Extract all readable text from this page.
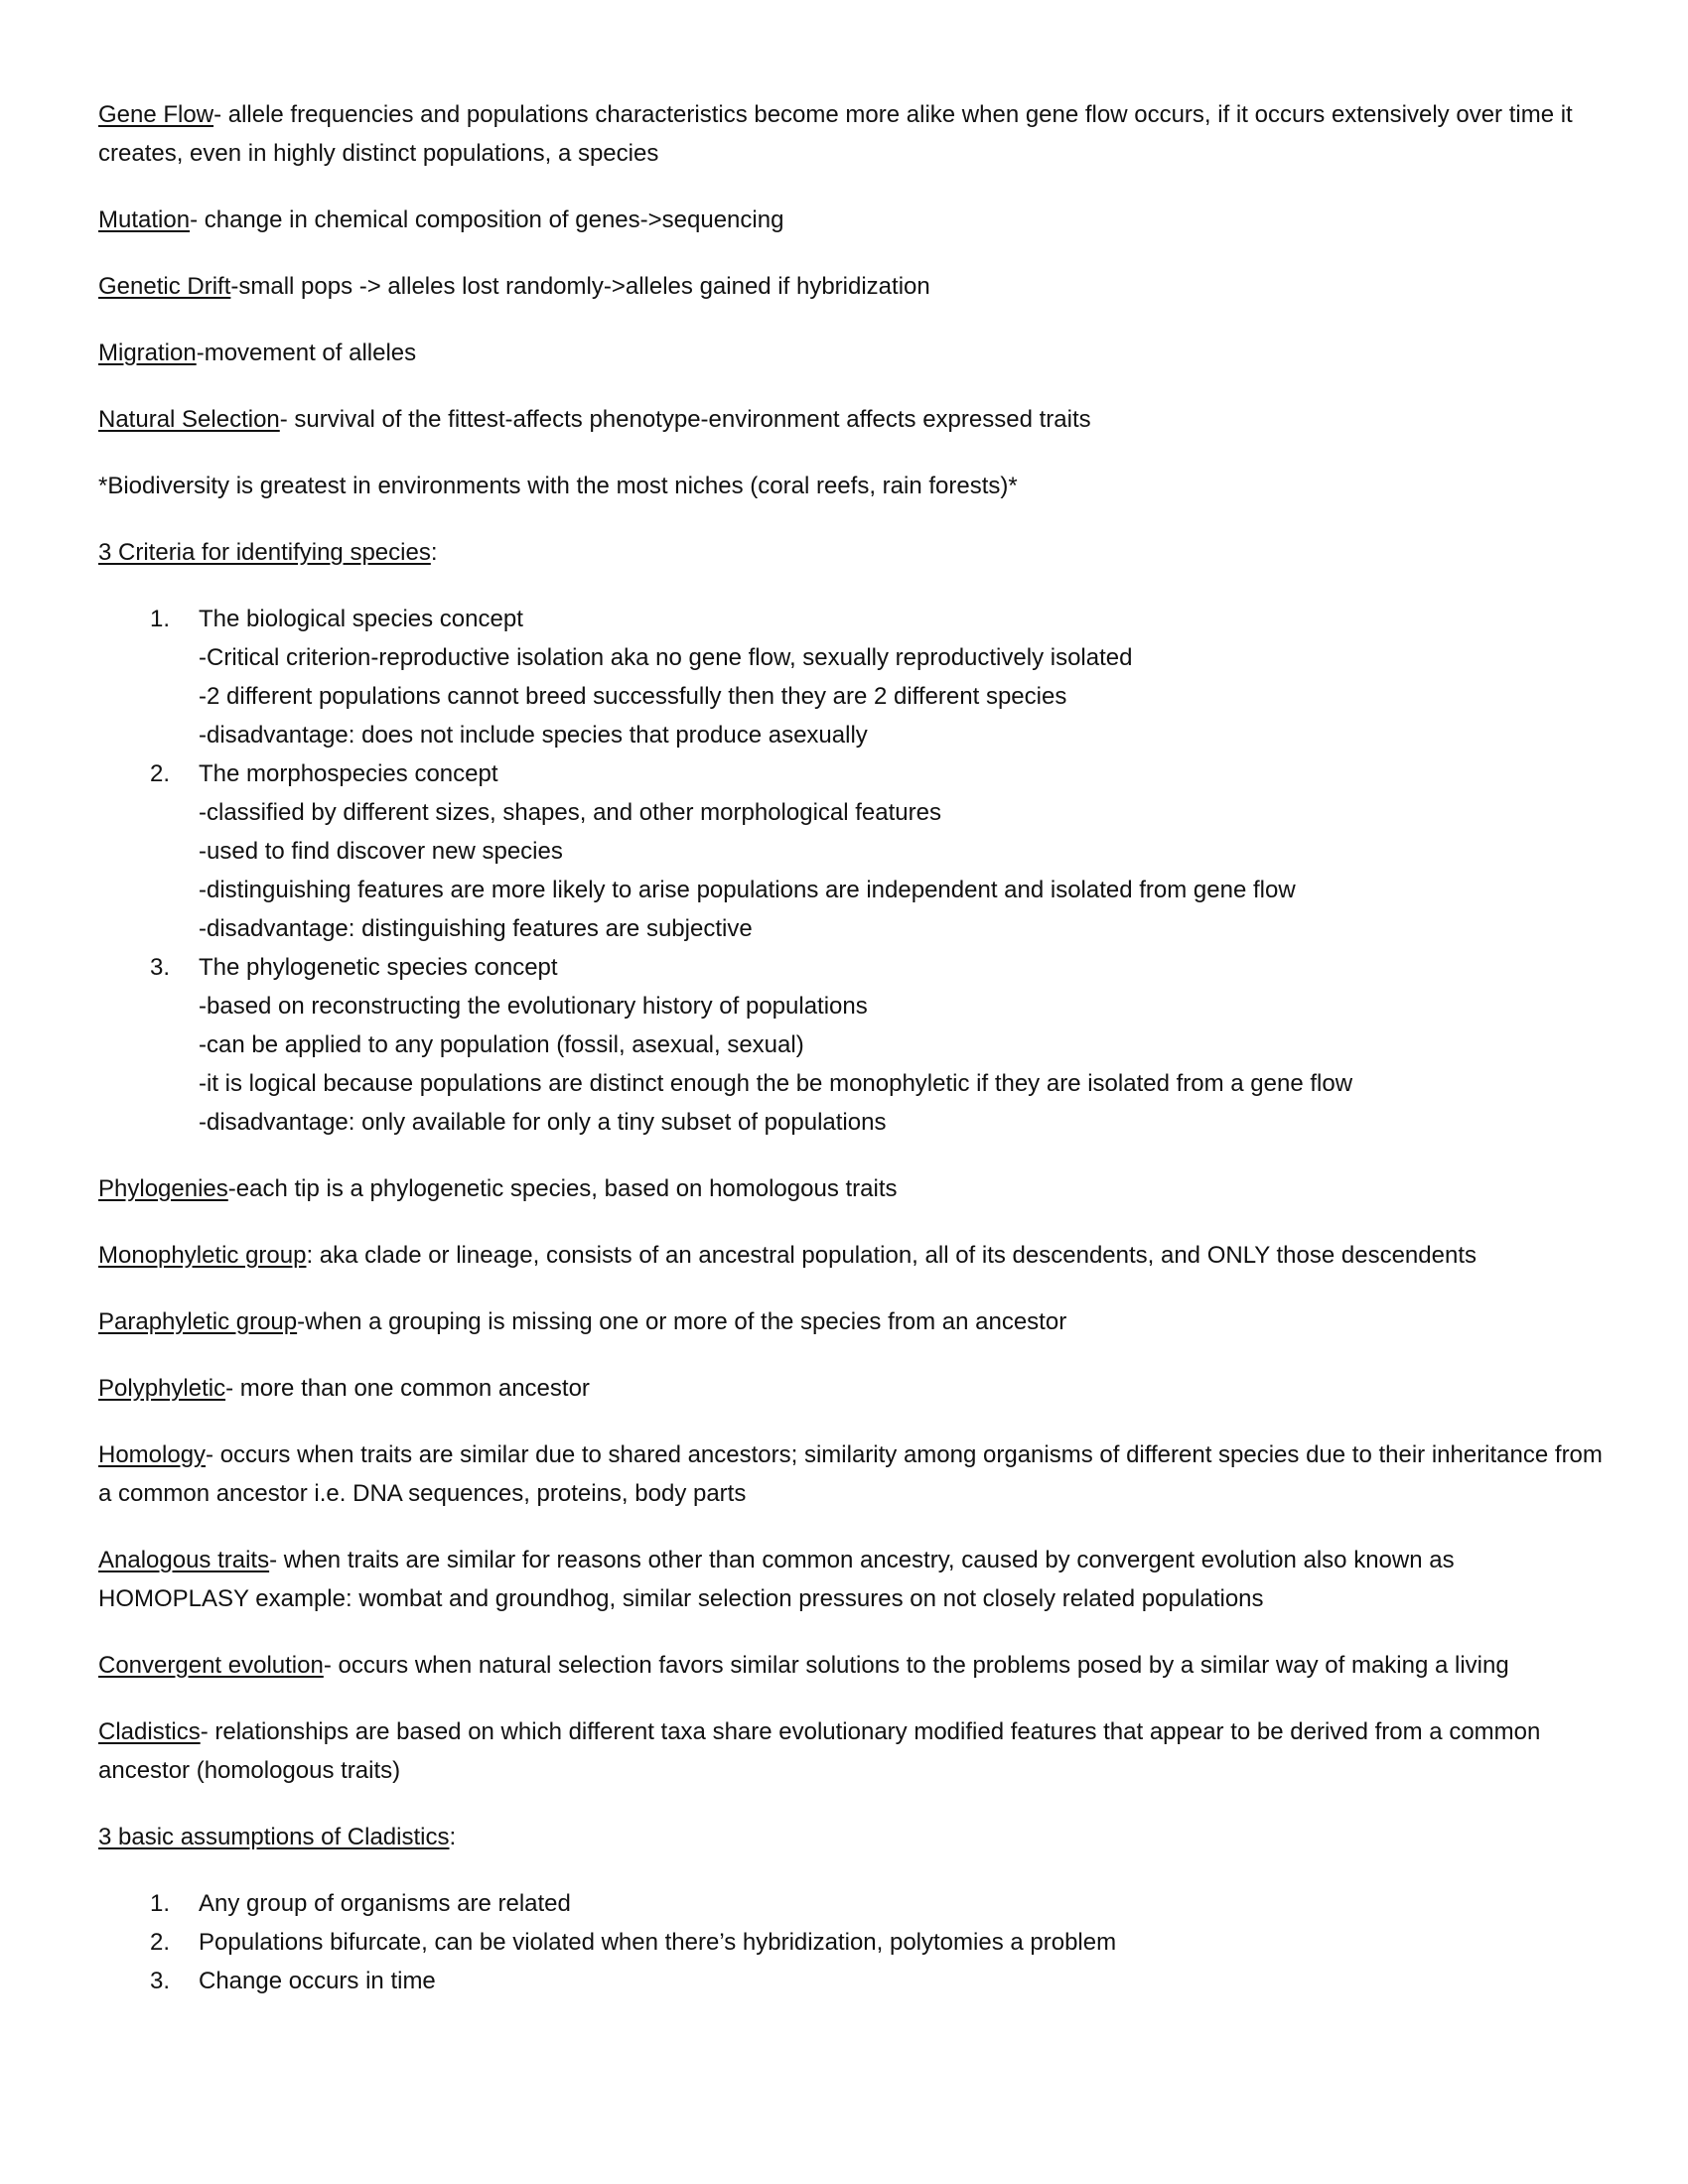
Gene Flow- allele frequencies and populations characteristics become more alike when gene flow occurs, if it occurs extensively over time it creates, even in highly distinct populations, a species

Mutation- change in chemical composition of genes->sequencing

Genetic Drift-small pops -> alleles lost randomly->alleles gained if hybridization

Migration-movement of alleles

Natural Selection- survival of the fittest-affects phenotype-environment affects expressed traits

*Biodiversity is greatest in environments with the most niches (coral reefs, rain forests)*

3 Criteria for identifying species:

1. The biological species concept
-Critical criterion-reproductive isolation aka no gene flow, sexually reproductively isolated
-2 different populations cannot breed successfully then they are 2 different species
-disadvantage: does not include species that produce asexually
2. The morphospecies concept
-classified by different sizes, shapes, and other morphological features
-used to find discover new species
-distinguishing features are more likely to arise populations are independent and isolated from gene flow
-disadvantage: distinguishing features are subjective
3. The phylogenetic species concept
-based on reconstructing the evolutionary history of populations
-can be applied to any population (fossil, asexual, sexual)
-it is logical because populations are distinct enough the be monophyletic if they are isolated from a gene flow
-disadvantage: only available for only a tiny subset of populations

Phylogenies-each tip is a phylogenetic species, based on homologous traits

Monophyletic group: aka clade or lineage, consists of an ancestral population, all of its descendents, and ONLY those descendents

Paraphyletic group-when a grouping is missing one or more of the species from an ancestor

Polyphyletic- more than one common ancestor

Homology- occurs when traits are similar due to shared ancestors; similarity among organisms of different species due to their inheritance from a common ancestor i.e. DNA sequences, proteins, body parts

Analogous traits- when traits are similar for reasons other than common ancestry, caused by convergent evolution also known as HOMOPLASY example: wombat and groundhog, similar selection pressures on not closely related populations

Convergent evolution- occurs when natural selection favors similar solutions to the problems posed by a similar way of making a living

Cladistics- relationships are based on which different taxa share evolutionary modified features that appear to be derived from a common ancestor (homologous traits)

3 basic assumptions of Cladistics:

1. Any group of organisms are related
2. Populations bifurcate, can be violated when there’s hybridization, polytomies a problem
3. Change occurs in time
